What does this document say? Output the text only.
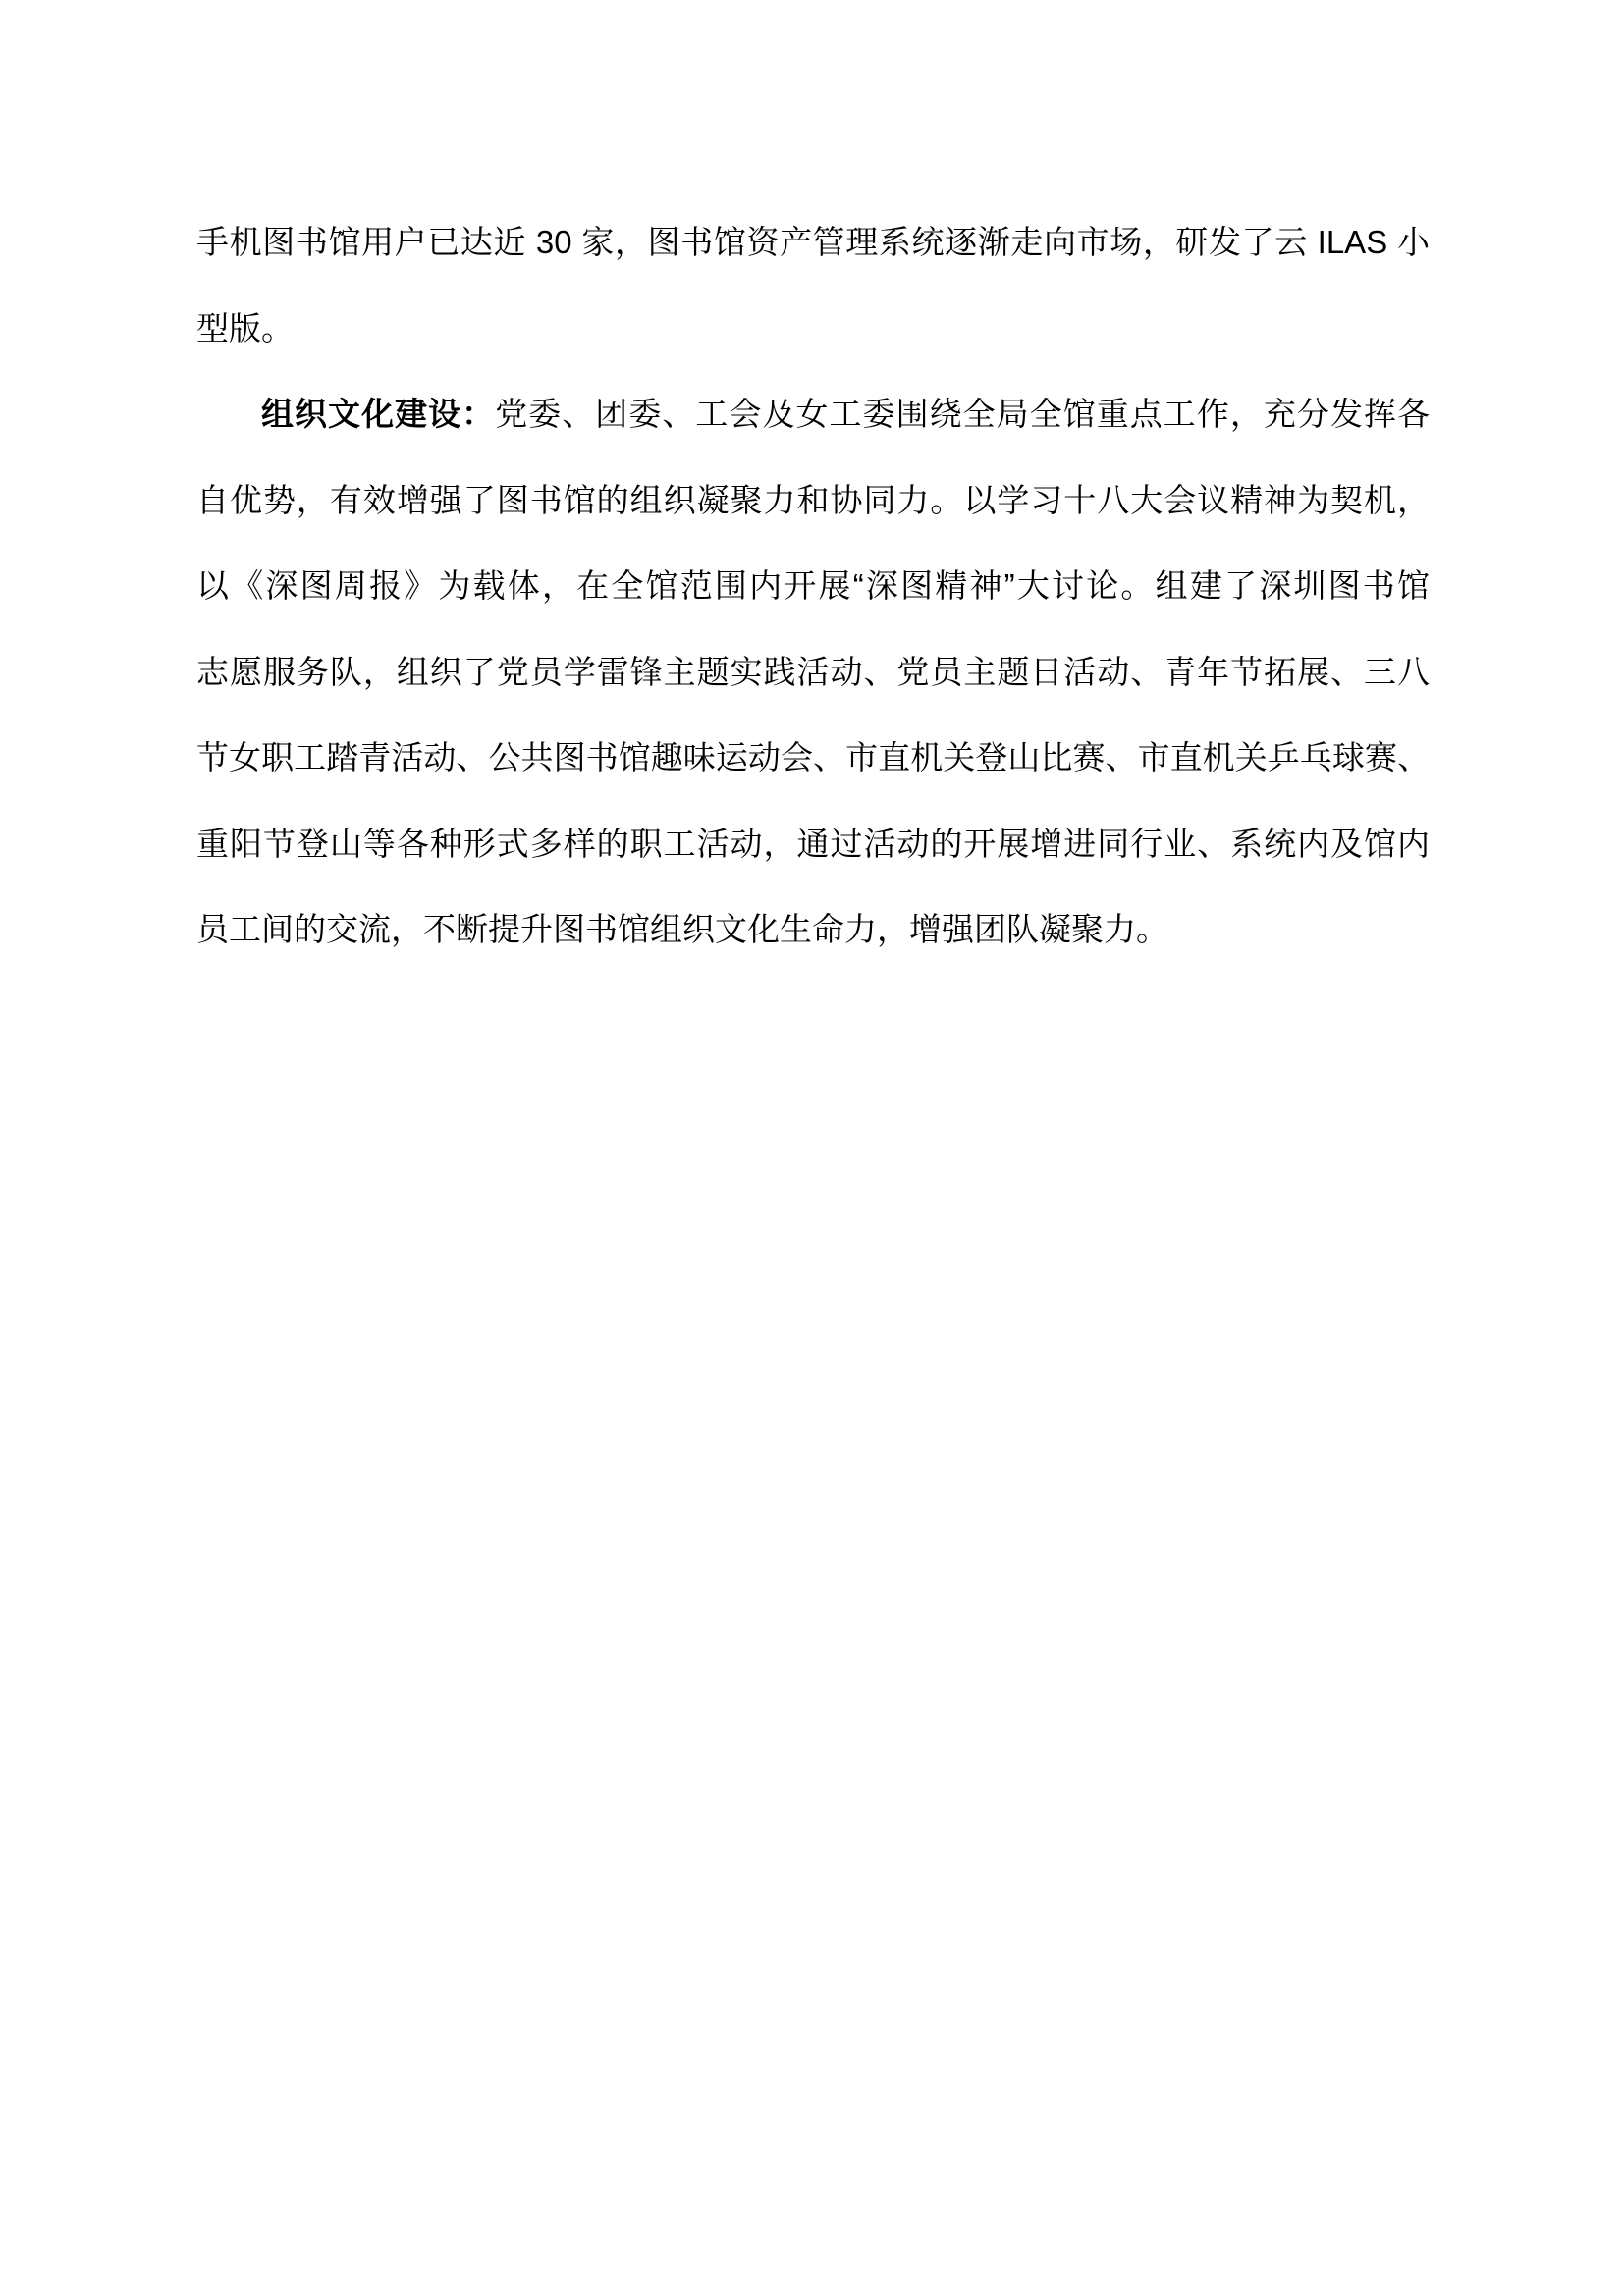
手机图书馆用户已达近 30 家，图书馆资产管理系统逐渐走向市场，研发了云 ILAS 小
型版。
组织文化建设：党委、团委、工会及女工委围绕全局全馆重点工作，充分发挥各
自优势，有效增强了图书馆的组织凝聚力和协同力。以学习十八大会议精神为契机，
以《深图周报》为载体，在全馆范围内开展“深图精神”大讨论。组建了深圳图书馆
志愿服务队，组织了党员学雷锋主题实践活动、党员主题日活动、青年节拓展、三八
节女职工踏青活动、公共图书馆趣味运动会、市直机关登山比赛、市直机关乒乓球赛、
重阳节登山等各种形式多样的职工活动，通过活动的开展增进同行业、系统内及馆内
员工间的交流，不断提升图书馆组织文化生命力，增强团队凝聚力。
